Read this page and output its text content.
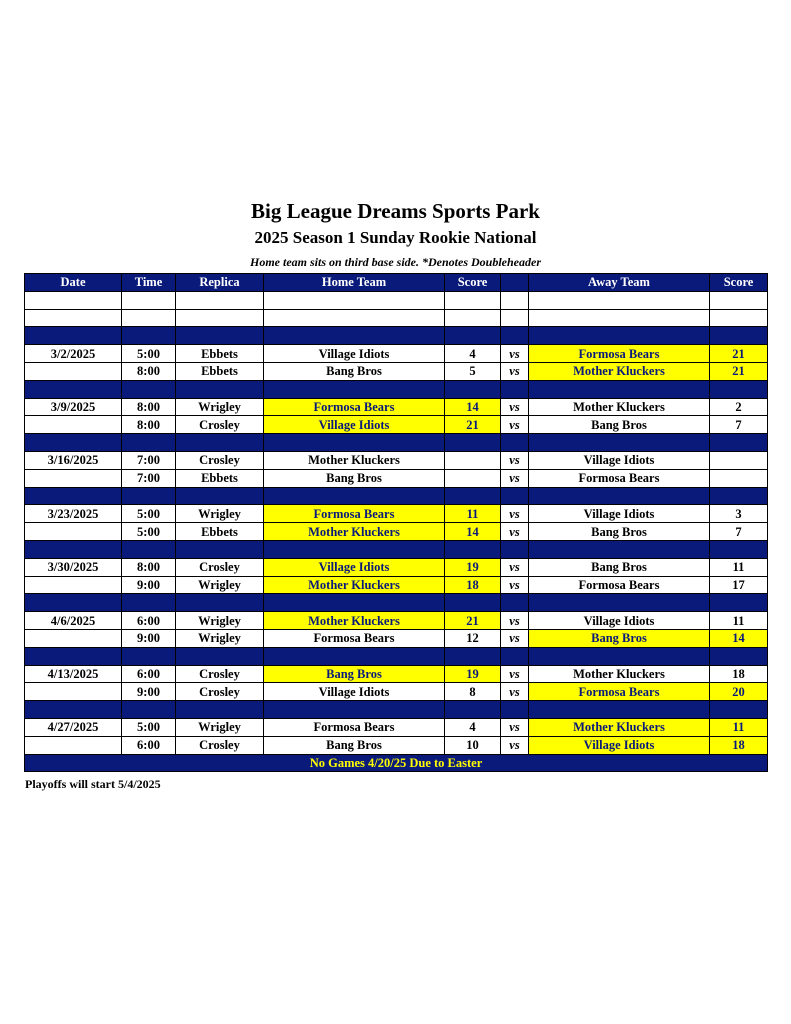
Big League Dreams Sports Park
2025 Season 1 Sunday Rookie National
Home team sits on third base side. *Denotes Doubleheader
Date	Time	Replica	Home Team	Score		Away Team	Score

3/2/2025	5:00	Ebbets	Village Idiots	4	vs	Formosa Bears	21
	8:00	Ebbets	Bang Bros	5	vs	Mother Kluckers	21

3/9/2025	8:00	Wrigley	Formosa Bears	14	vs	Mother Kluckers	2
	8:00	Crosley	Village Idiots	21	vs	Bang Bros	7

3/16/2025	7:00	Crosley	Mother Kluckers		vs	Village Idiots	
	7:00	Ebbets	Bang Bros		vs	Formosa Bears	

3/23/2025	5:00	Wrigley	Formosa Bears	11	vs	Village Idiots	3
	5:00	Ebbets	Mother Kluckers	14	vs	Bang Bros	7

3/30/2025	8:00	Crosley	Village Idiots	19	vs	Bang Bros	11
	9:00	Wrigley	Mother Kluckers	18	vs	Formosa Bears	17

4/6/2025	6:00	Wrigley	Mother Kluckers	21	vs	Village Idiots	11
	9:00	Wrigley	Formosa Bears	12	vs	Bang Bros	14

4/13/2025	6:00	Crosley	Bang Bros	19	vs	Mother Kluckers	18
	9:00	Crosley	Village Idiots	8	vs	Formosa Bears	20

4/27/2025	5:00	Wrigley	Formosa Bears	4	vs	Mother Kluckers	11
	6:00	Crosley	Bang Bros	10	vs	Village Idiots	18
No Games 4/20/25 Due to Easter							
Playoffs will start 5/4/2025
